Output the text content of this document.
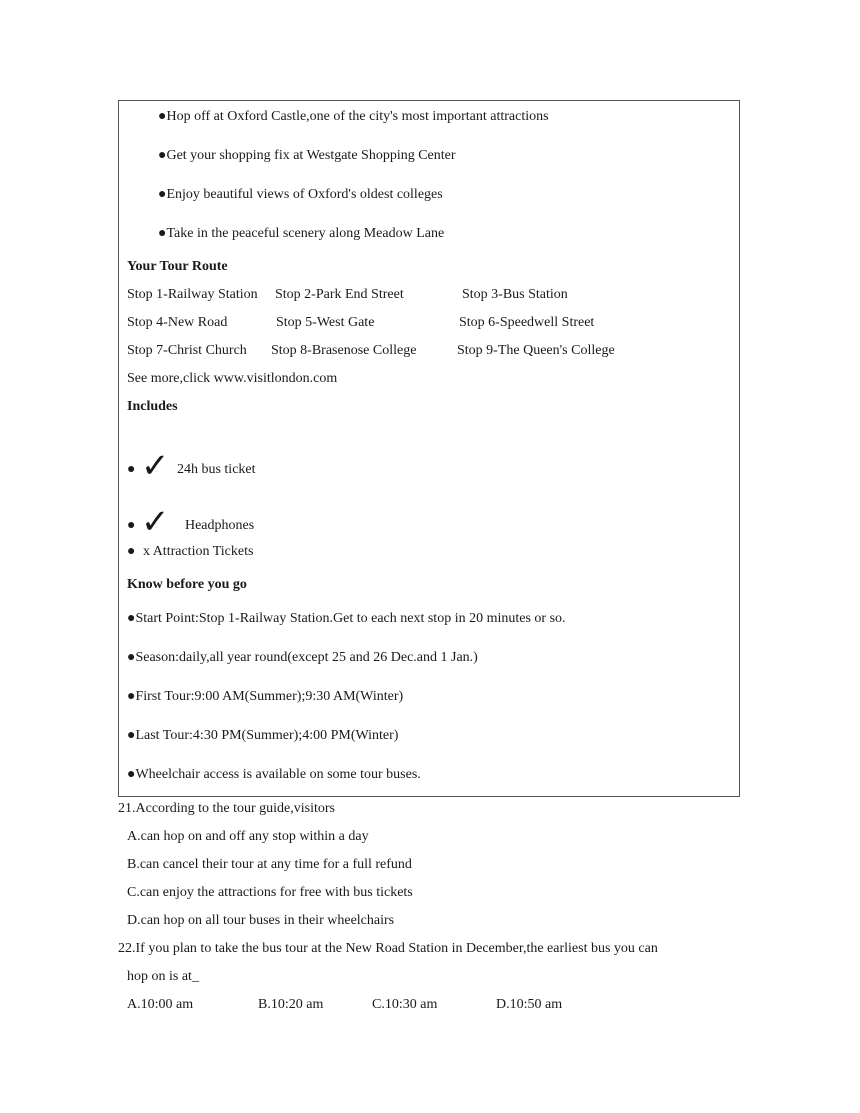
●Hop off at Oxford Castle,one of the city's most important attractions
●Get your shopping fix at Westgate Shopping Center
●Enjoy beautiful views of Oxford's oldest colleges
●Take in the peaceful scenery along Meadow Lane
Your Tour Route
Stop 1-Railway Station Stop 2-Park End Street	Stop 3-Bus Station
Stop 4-New Road	Stop 5-West Gate	Stop 6-Speedwell Street
Stop 7-Christ Church Stop 8-Brasenose College	Stop 9-The Queen's College
See more,click www.visitlondon.com
Includes
● ✓ 24h bus ticket
● ✓ Headphones
● x Attraction Tickets
Know before you go
●Start Point:Stop 1-Railway Station.Get to each next stop in 20 minutes or so.
●Season:daily,all year round(except 25 and 26 Dec.and 1 Jan.)
●First Tour:9:00 AM(Summer);9:30 AM(Winter)
●Last Tour:4:30 PM(Summer);4:00 PM(Winter)
●Wheelchair access is available on some tour buses.
21.According to the tour guide,visitors
A.can hop on and off any stop within a day
B.can cancel their tour at any time for a full refund
C.can enjoy the attractions for free with bus tickets
D.can hop on all tour buses in their wheelchairs
22.If you plan to take the bus tour at the New Road Station in December,the earliest bus you can
hop on is at_
A.10:00 am	B.10:20 am	C.10:30 am	D.10:50 am
